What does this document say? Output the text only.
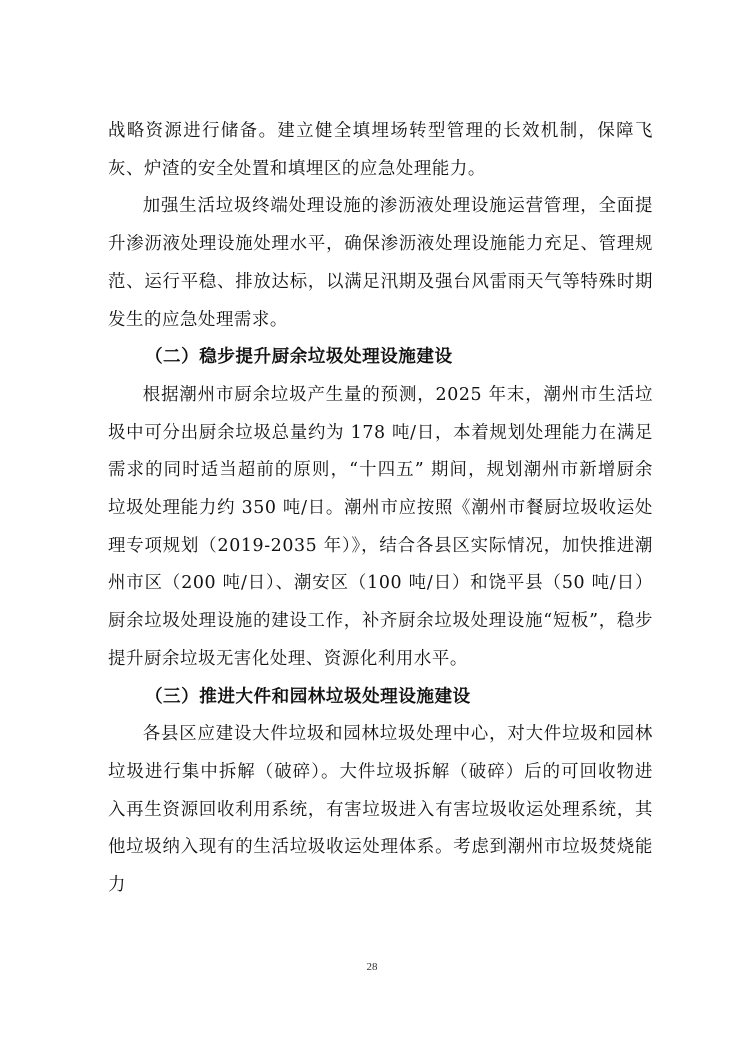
战略资源进行储备。建立健全填埋场转型管理的长效机制，保障飞灰、炉渣的安全处置和填埋区的应急处理能力。

加强生活垃圾终端处理设施的渗沥液处理设施运营管理，全面提升渗沥液处理设施处理水平，确保渗沥液处理设施能力充足、管理规范、运行平稳、排放达标，以满足汛期及强台风雷雨天气等特殊时期发生的应急处理需求。

（二）稳步提升厨余垃圾处理设施建设

根据潮州市厨余垃圾产生量的预测，2025 年末，潮州市生活垃圾中可分出厨余垃圾总量约为 178 吨/日，本着规划处理能力在满足需求的同时适当超前的原则，“十四五” 期间，规划潮州市新增厨余垃圾处理能力约 350 吨/日。潮州市应按照《潮州市餐厨垃圾收运处理专项规划（2019-2035 年）》，结合各县区实际情况，加快推进潮州市区（200 吨/日）、潮安区（100 吨/日）和饶平县（50 吨/日）厨余垃圾处理设施的建设工作，补齐厨余垃圾处理设施“短板”，稳步提升厨余垃圾无害化处理、资源化利用水平。

（三）推进大件和园林垃圾处理设施建设

各县区应建设大件垃圾和园林垃圾处理中心，对大件垃圾和园林垃圾进行集中拆解（破碎）。大件垃圾拆解（破碎）后的可回收物进入再生资源回收利用系统，有害垃圾进入有害垃圾收运处理系统，其他垃圾纳入现有的生活垃圾收运处理体系。考虑到潮州市垃圾焚烧能力

28
